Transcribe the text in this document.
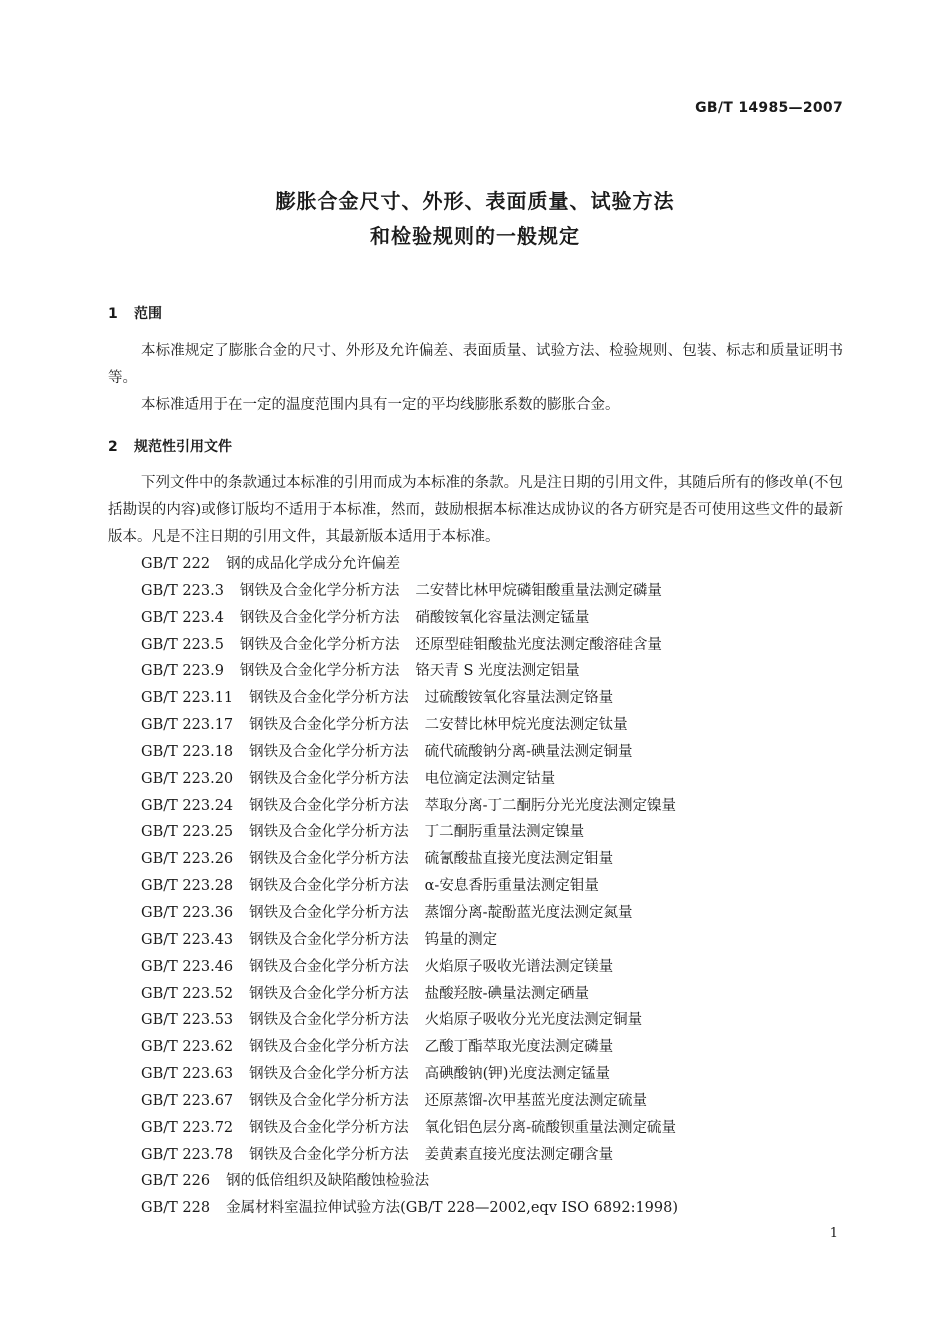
GB/T 14985—2007
膨胀合金尺寸、外形、表面质量、试验方法
和检验规则的一般规定
1 范围

本标准规定了膨胀合金的尺寸、外形及允许偏差、表面质量、试验方法、检验规则、包装、标志和质量证明书等。

本标准适用于在一定的温度范围内具有一定的平均线膨胀系数的膨胀合金。

2 规范性引用文件

下列文件中的条款通过本标准的引用而成为本标准的条款。凡是注日期的引用文件，其随后所有的修改单(不包括勘误的内容)或修订版均不适用于本标准，然而，鼓励根据本标准达成协议的各方研究是否可使用这些文件的最新版本。凡是不注日期的引用文件，其最新版本适用于本标准。

GB/T 222 钢的成品化学成分允许偏差
GB/T 223.3 钢铁及合金化学分析方法 二安替比林甲烷磷钼酸重量法测定磷量
GB/T 223.4 钢铁及合金化学分析方法 硝酸铵氧化容量法测定锰量
GB/T 223.5 钢铁及合金化学分析方法 还原型硅钼酸盐光度法测定酸溶硅含量
GB/T 223.9 钢铁及合金化学分析方法 铬天青 S 光度法测定铝量
GB/T 223.11 钢铁及合金化学分析方法 过硫酸铵氧化容量法测定铬量
GB/T 223.17 钢铁及合金化学分析方法 二安替比林甲烷光度法测定钛量
GB/T 223.18 钢铁及合金化学分析方法 硫代硫酸钠分离-碘量法测定铜量
GB/T 223.20 钢铁及合金化学分析方法 电位滴定法测定钴量
GB/T 223.24 钢铁及合金化学分析方法 萃取分离-丁二酮肟分光光度法测定镍量
GB/T 223.25 钢铁及合金化学分析方法 丁二酮肟重量法测定镍量
GB/T 223.26 钢铁及合金化学分析方法 硫氰酸盐直接光度法测定钼量
GB/T 223.28 钢铁及合金化学分析方法 α-安息香肟重量法测定钼量
GB/T 223.36 钢铁及合金化学分析方法 蒸馏分离-靛酚蓝光度法测定氮量
GB/T 223.43 钢铁及合金化学分析方法 钨量的测定
GB/T 223.46 钢铁及合金化学分析方法 火焰原子吸收光谱法测定镁量
GB/T 223.52 钢铁及合金化学分析方法 盐酸羟胺-碘量法测定硒量
GB/T 223.53 钢铁及合金化学分析方法 火焰原子吸收分光光度法测定铜量
GB/T 223.62 钢铁及合金化学分析方法 乙酸丁酯萃取光度法测定磷量
GB/T 223.63 钢铁及合金化学分析方法 高碘酸钠(钾)光度法测定锰量
GB/T 223.67 钢铁及合金化学分析方法 还原蒸馏-次甲基蓝光度法测定硫量
GB/T 223.72 钢铁及合金化学分析方法 氧化铝色层分离-硫酸钡重量法测定硫量
GB/T 223.78 钢铁及合金化学分析方法 姜黄素直接光度法测定硼含量
GB/T 226 钢的低倍组织及缺陷酸蚀检验法
GB/T 228 金属材料室温拉伸试验方法(GB/T 228—2002,eqv ISO 6892:1998)
1
